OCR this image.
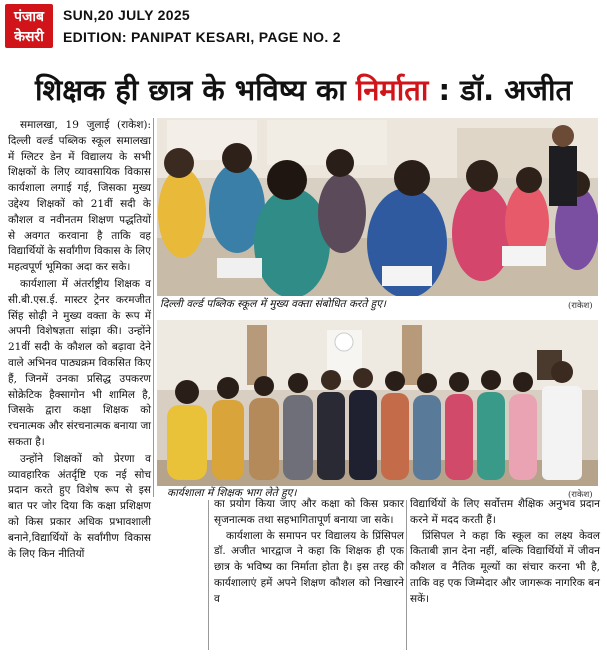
पंजाब
केसरी
SUN,20 JULY 2025
EDITION: PANIPAT KESARI, PAGE NO. 2
शिक्षक ही छात्र के भविष्य का निर्माता : डॉ. अजीत

समालखा, 19 जुलाई (राकेश): दिल्ली वर्ल्ड पब्लिक स्कूल समालखा में ग्लिटर डेन में विद्यालय के सभी शिक्षकों के लिए व्यावसायिक विकास कार्यशाला लगाई गई, जिसका मुख्य उद्देश्य शिक्षकों को 21वीं सदी के कौशल व नवीनतम शिक्षण पद्धतियों से अवगत करवाना है ताकि वह विद्यार्थियों के सर्वांगीण विकास के लिए महत्वपूर्ण भूमिका अदा कर सके।

कार्यशाला में अंतर्राष्ट्रीय शिक्षक व सी.बी.एस.ई. मास्टर ट्रेनर करमजीत सिंह सोढ़ी ने मुख्य वक्ता के रूप में अपनी विशेषज्ञता सांझा की। उन्होंने 21वीं सदी के कौशल को बढ़ावा देने वाले अभिनव पाठ्यक्रम विकसित किए हैं, जिनमें उनका प्रसिद्ध उपकरण सोक्रेटिक हैक्सागोन भी शामिल है, जिसके द्वारा कक्षा शिक्षक को रचनात्मक और संरचनात्मक बनाया जा सकता है।

उन्होंने शिक्षकों को प्रेरणा व व्यावहारिक अंतर्दृष्टि एक नई सोच प्रदान करते हुए विशेष रूप से इस बात पर जोर दिया कि कक्षा प्रशिक्षण को किस प्रकार अधिक प्रभावशाली बनाने,विद्यार्थियों के सर्वांगीण विकास के लिए किन नीतियों

दिल्ली वर्ल्ड पब्लिक स्कूल में मुख्य वक्ता संबोधित करते हुए।	(राकेश)
कार्यशाला में शिक्षक भाग लेते हुए।	(राकेश)

का प्रयोग किया जाए और कक्षा को किस प्रकार सृजनात्मक तथा सहभागितापूर्ण बनाया जा सके।

कार्यशाला के समापन पर विद्यालय के प्रिंसिपल डॉ. अजीत भारद्वाज ने कहा कि शिक्षक ही एक छात्र के भविष्य का निर्माता होता है। इस तरह की कार्यशालाएं हमें अपने शिक्षण कौशल को निखारने व

विद्यार्थियों के लिए सर्वोत्तम शैक्षिक अनुभव प्रदान करने में मदद करती हैं।

प्रिंसिपल ने कहा कि स्कूल का लक्ष्य केवल किताबी ज्ञान देना नहीं, बल्कि विद्यार्थियों में जीवन कौशल व नैतिक मूल्यों का संचार करना भी है, ताकि वह एक जिम्मेदार और जागरूक नागरिक बन सकें।
